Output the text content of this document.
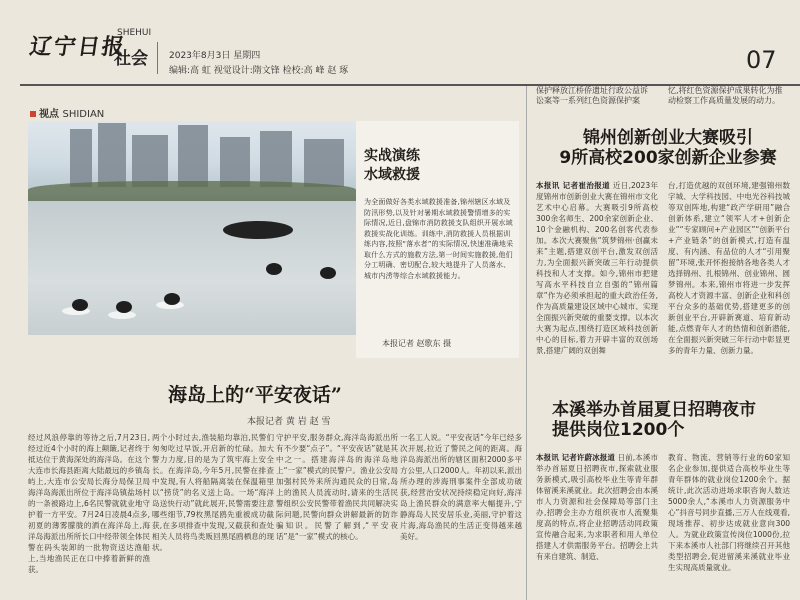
辽宁日报
SHEHUI
社会 2023年8月3日 星期四
编辑:高 虹 视觉设计:隋文锋 检校:高 峰 赵 琢	07
视点 SHIDIAN
实战演练
水域救援
为全面做好各类水域救援准备,锦州辖区水域及防汛形势,以及针对暑期水域救援警情增多的实际情况,近日,盘锦市消防救援支队组织开展水域救援实战化训练。训练中,消防救援人员根据训练内容,按照“落水者”的实际情况,快速准确地采取什么方式的施救方法,第一时间实施救援,他们分工明确、密切配合,较大地提升了人员落水、城市内涝等综合水域救援能力。
本报记者 赵歌东 摄
保护释放江桥侨遗址行政公益诉讼案等一系列红色资源保护案
忆,将红色资源保护成果转化为推动检察工作高质量发展的动力。
锦州创新创业大赛吸引
9所高校200家创新企业参赛
本报讯 记者崔治报道 近日,2023年度锦州市创新创业大赛在锦州市文化艺术中心启幕。大赛吸引9所高校300余名师生、200余家创新企业、10个金融机构、200名创客代表参加。本次大赛聚焦“筑梦锦州·创赢未来”主题,搭建双创平台,激发双创活力,为全面振兴新突破三年行动提供科技和人才支撑。如今,锦州市把建写高水平科技自立自强的“锦州篇章”作为必须承担起的重大政治任务,作为高质量建设区域中心城市、实现全面振兴新突破的重要支撑。以本次大赛为起点,围绕打造区域科技创新中心的目标,着力开辟丰富的双创场景,搭建广阔的双创舞
台,打造优越的双创环境,建强锦州数字城、大学科技园、中电光谷科技城等双创阵地,构建“政产学研用”融合创新体系,建立“领军人才+创新企业”“专家顾问+产业园区”“创新平台+产业链条”的创新模式,打造有温度、有内涵、有品位的人才“引用聚留”环境,张开怀抱接纳各地各类人才选择锦州、扎根锦州、创业锦州、圆梦锦州。本来,锦州市将进一步发挥高校人才资源丰富、创新企业和科创平台众多的基础优势,搭建更多的创新创业平台,开辟新赛道、培育新动能,点燃青年人才的热情和创新潜能,在全面振兴新突破三年行动中彰显更多的青年力量、创新力量。
本溪举办首届夏日招聘夜市
提供岗位1200个
本报讯 记者许蔚冰报道 日前,本溪市举办首届夏日招聘夜市,探索就业服务新模式,吸引高校毕业生等青年群体留溪来溪就业。此次招聘会由本溪市人力资源和社会保障局等部门主办,招聘会主办方组织夜市人流聚集度高的特点,将企业招聘活动同政策宣传融合起来,为求职者和用人单位搭建人才供需服务平台。招聘会上共有来自建筑、制造、
教育、物流、营销等行业的60家知名企业参加,提供适合高校毕业生等青年群体的就业岗位1200余个。据统计,此次活动进场求职咨询人数达5000余人,“本溪市人力资源服务中心”抖音号同步直播,三万人在线观看,现场推荐、初步达成就业意向300人。为就业政策宣传岗位1000份,拉下来本溪市人社部门将继续召开其他类型招聘会,促进留溪来溪就业毕业生实现高质量就业。
海岛上的“平安夜话”
本报记者 黄 岩 赵 雪
经过风浪停靠的等待之后,7月23日,经过近4个小时的海上颠簸,记者终于抵达位于黄海深处的海洋岛。在这个大连市长海县距离大陆最远的乡镇岛屿上,大连市公安局长海分局保卫局海洋岛海派出所位于海洋岛镇盐场村的一条被路边上,6名民警就就业地守护着一方平安。7月24日凌晨4点多,初夏的薄雾朦胧的洒在海洋岛上,海洋岛海派出所所长口中经带领全体民警在码头装卸的一批物资送达渔船上,当地渔民正在口中捧着新鲜的渔获。
两个小时过去,渔装船均靠泊,民警们匆匆吃过早饭,开启新的忙碌。加大警力力度,目的是为了筑牢海上安全长。在海洋岛,今年5月,民警在排查中发现,有人将船隔离装在保温箱里以“捞货”的名义送上岛。一场“海洋岛送快行动”就此展开,民警需要注意哪些细节,79枚黑尾鸥先重被成功截获,在多项排查中发现,又截获和查处相关人员将鸟类贩回黑尾鸥栖息的现状。
守护平安,服务群众,海洋岛海派出所有不少要“点子”。“平安夜话”就是其中之一。搭建海洋岛的海洋岛地上“一家”模式的民警户。渔业公安局加强村民外来所沟通民众的日常,岛上的渔民人员流动时,请来的生活民警组织公安民警带着渔民共同解决实际问题,民警向群众讲解最新的防诈骗知识。民警了解到,“平安夜话”是“一家”模式的核心。
一名工人说。“平安夜话”今年已经多次开展,拉近了警民之间的距离。海洋岛海派出所的辖区面积2000多平方公里,人口2000人。年初以来,派出所办理的涉海刑事案件全部成功破获,经营治安状况持续稳定向好,海洋岛上渔民群众的满意率大幅提升,宁静海岛人民安居乐业,美丽,守护着这片海,海岛渔民的生活正变得越来越美好。
